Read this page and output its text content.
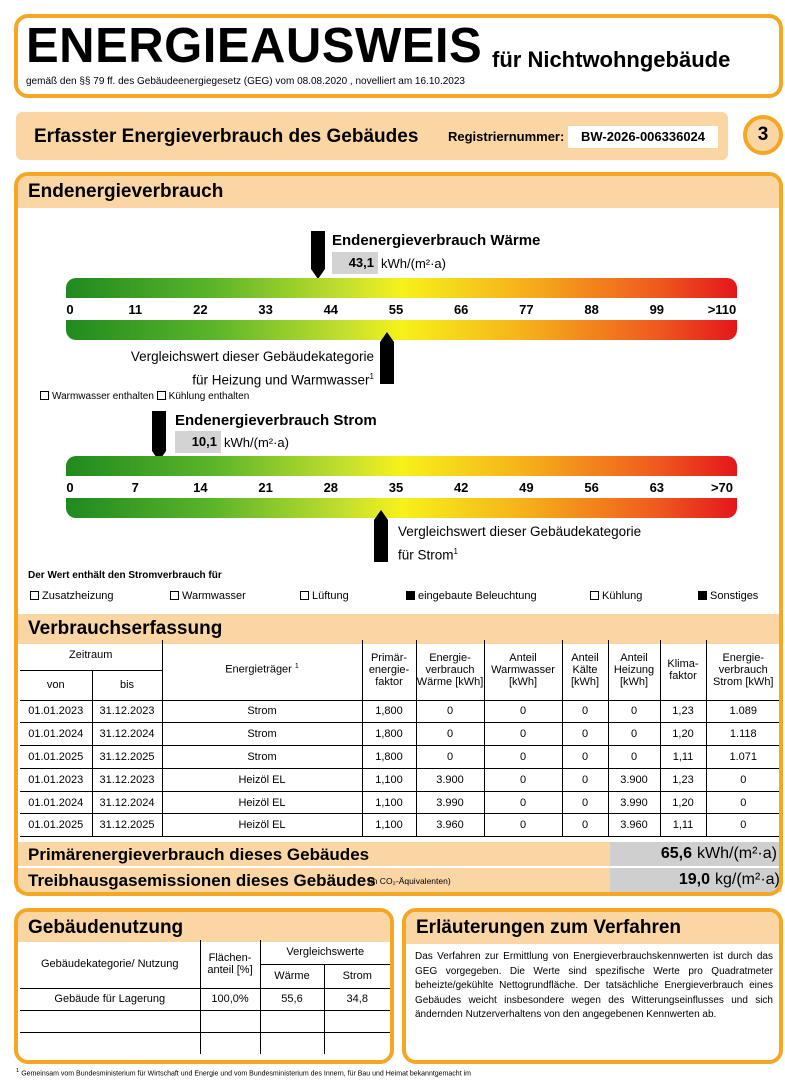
ENERGIEAUSWEIS für Nichtwohngebäude
gemäß den §§ 79 ff. des Gebäudeenergiegesetz (GEG) vom 08.08.2020 , novelliert am 16.10.2023
Erfasster Energieverbrauch des Gebäudes Registriernummer:	BW-2026-006336024	3
Endenergieverbrauch
Endenergieverbrauch Wärme
43,1 kWh/(m²·a)
0	11	22	33	44	55	66	77	88	99	>110
Vergleichswert dieser Gebäudekategorie
für Heizung und Warmwasser$^1$
Warmwasser enthalten Kühlung enthalten
Endenergieverbrauch Strom
10,1 kWh/(m²·a)
0	7	14	21	28	35	42	49	56	63	>70
Vergleichswert dieser Gebäudekategorie
für Strom$^1$
Der Wert enthält den Stromverbrauch für
Zusatzheizung	Warmwasser	Lüftung	eingebaute Beleuchtung	Kühlung	Sonstiges
Verbrauchserfassung
Zeitraum		Energieträger $^1$	Primär- energie- faktor	Energie- verbrauch Wärme [kWh]	Anteil Warmwasser [kWh]	Anteil Kälte [kWh]	Anteil Heizung [kWh]	Klima- faktor	Energie- verbrauch Strom [kWh]
von	bis								
01.01.2023	31.12.2023	Strom	1,800	0	0	0	0	1,23	1.089
01.01.2024	31.12.2024	Strom	1,800	0	0	0	0	1,20	1.118
01.01.2025	31.12.2025	Strom	1,800	0	0	0	0	1,11	1.071
01.01.2023	31.12.2023	Heizöl EL	1,100	3.900	0	0	3.900	1,23	0
01.01.2024	31.12.2024	Heizöl EL	1,100	3.990	0	0	3.990	1,20	0
01.01.2025	31.12.2025	Heizöl EL	1,100	3.960	0	0	3.960	1,11	0
Primärenergieverbrauch dieses Gebäudes	65,6 kWh/(m²·a)
Treibhausgasemissionen dieses Gebäudes
(in CO₂-Äquivalenten)	19,0 kg/(m²·a)
Gebäudenutzung
Gebäudekategorie/ Nutzung	Flächen- anteil [%]	Vergleichswerte	
		Wärme	Strom
Gebäude für Lagerung	100,0%	55,6	34,8

Erläuterungen zum Verfahren

Das Verfahren zur Ermittlung von Energieverbrauchskennwerten ist durch das GEG vorgegeben. Die Werte sind spezifische Werte pro Quadratmeter beheizte/gekühlte Nettogrundfläche. Der tatsächliche Energieverbrauch eines Gebäudes weicht insbesondere wegen des Witterungseinflusses und sich ändernden Nutzerverhaltens von den angegebenen Kennwerten ab.

$^1$ Gemeinsam vom Bundesministerium für Wirtschaft und Energie und vom Bundesministerium des Innern, für Bau und Heimat bekanntgemacht im
